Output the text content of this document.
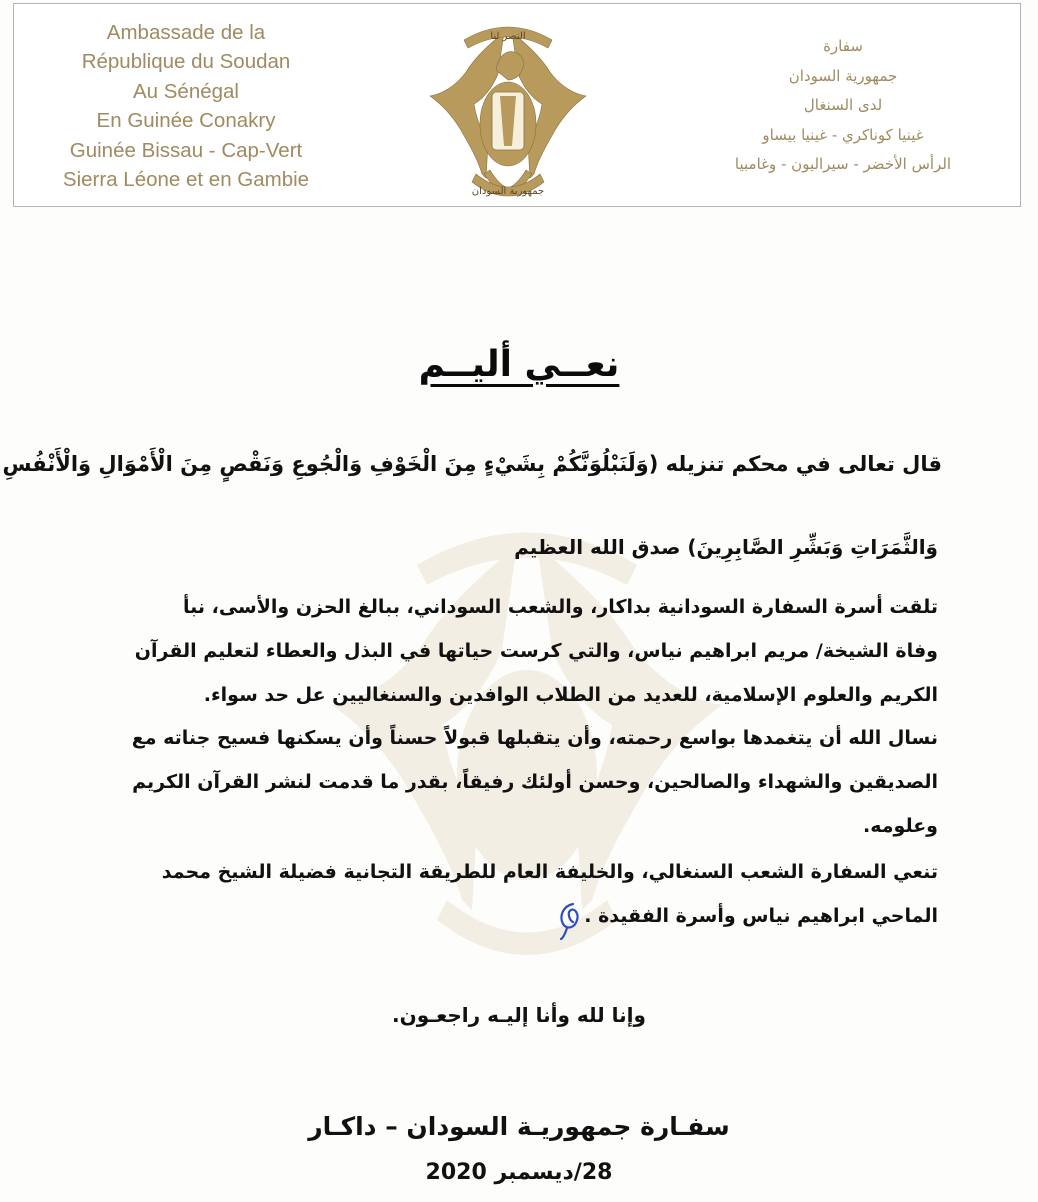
Ambassade de la
République du Soudan
Au Sénégal
En Guinée Conakry
Guinée Bissau - Cap-Vert
Sierra Léone et en Gambie
النصر لنا
جمهورية السودان
سفارة
جمهورية السودان
لدى السنغال
غينيا كوناكري - غينيا بيساو
الرأس الأخضر - سيراليون - وغامبيا
نعــي أليــم
قال تعالى في محكم تنزيله (وَلَنَبْلُوَنَّكُمْ بِشَيْءٍ مِنَ الْخَوْفِ وَالْجُوعِ وَنَقْصٍ مِنَ الْأَمْوَالِ وَالْأَنْفُسِ
وَالثَّمَرَاتِ وَبَشِّرِ الصَّابِرِينَ) صدق الله العظيم
تلقت أسرة السفارة السودانية بداكار، والشعب السوداني، ببالغ الحزن والأسى، نبأ
وفاة الشيخة/ مريم ابراهيم نياس، والتي كرست حياتها في البذل والعطاء لتعليم القرآن
الكريم والعلوم الإسلامية، للعديد من الطلاب الوافدين والسنغاليين عل حد سواء.
نسال الله أن يتغمدها بواسع رحمته، وأن يتقبلها قبولاً حسناً وأن يسكنها فسيح جناته مع
الصديقين والشهداء والصالحين، وحسن أولئك رفيقاً، بقدر ما قدمت لنشر القرآن الكريم
وعلومه.
تنعي السفارة الشعب السنغالي، والخليفة العام للطريقة التجانية فضيلة الشيخ محمد
الماحي ابراهيم نياس وأسرة الفقيدة .
وإنا لله وأنا إليـه راجعـون.
سفـارة جمهوريـة السودان – داكـار
28/ديسمبر 2020
